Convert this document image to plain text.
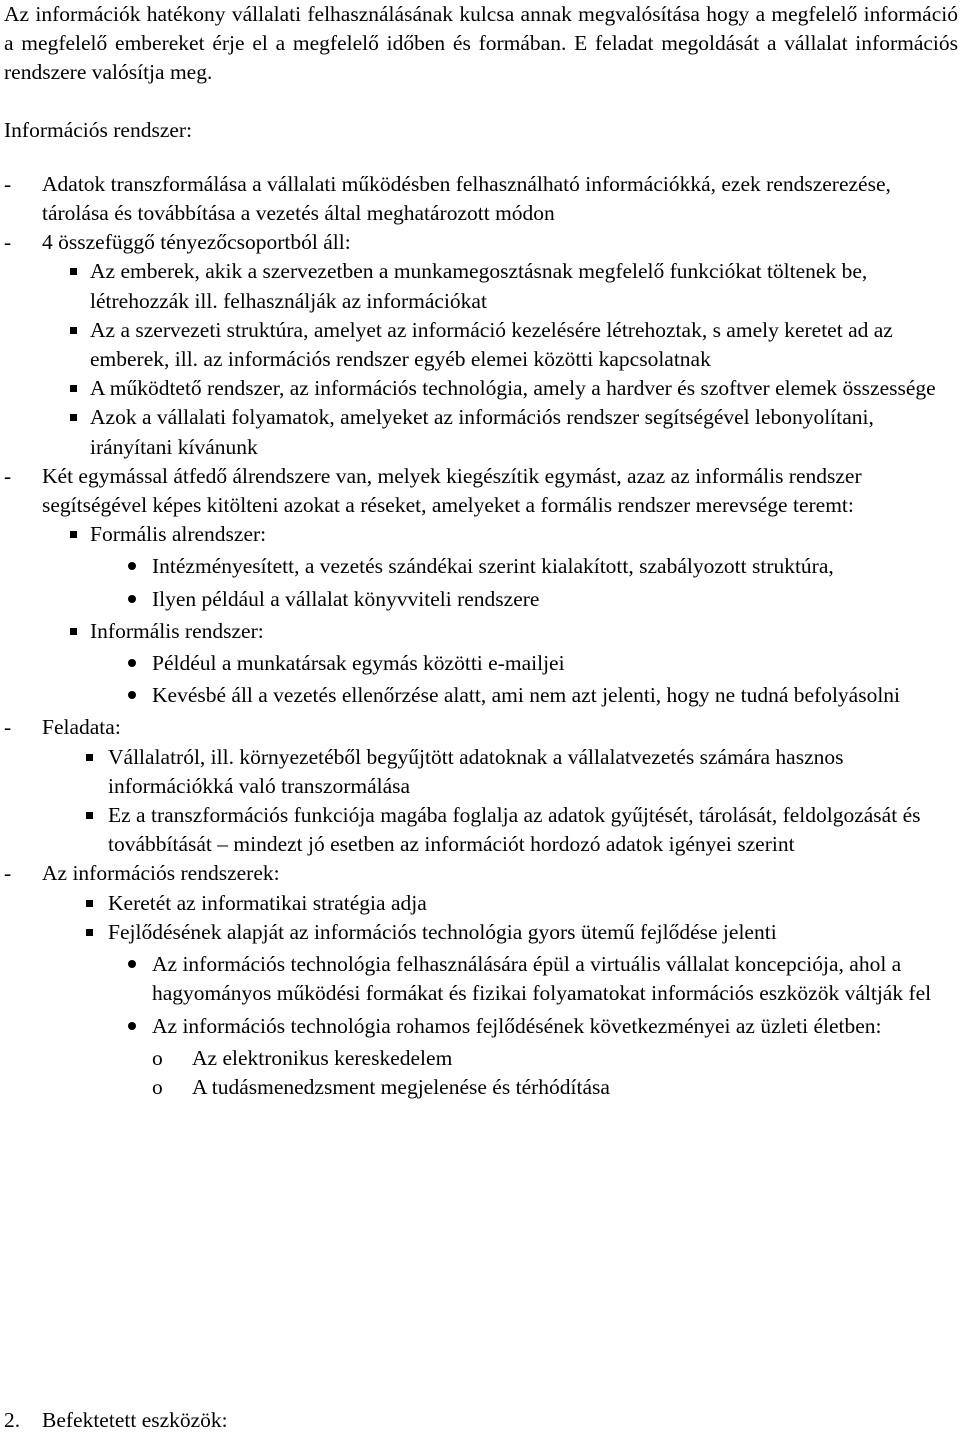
Az információk hatékony vállalati felhasználásának kulcsa annak megvalósítása hogy a megfelelő információ a megfelelő embereket érje el a megfelelő időben és formában. E feladat megoldását a vállalat információs rendszere valósítja meg.

Információs rendszer:
- Adatok transzformálása a vállalati működésben felhasználható információkká, ezek rendszerezése, tárolása és továbbítása a vezetés által meghatározott módon
- 4 összefüggő tényezőcsoportból áll:
Az emberek, akik a szervezetben a munkamegosztásnak megfelelő funkciókat töltenek be, létrehozzák ill. felhasználják az információkat
Az a szervezeti struktúra, amelyet az információ kezelésére létrehoztak, s amely keretet ad az emberek, ill. az információs rendszer egyéb elemei közötti kapcsolatnak
A működtető rendszer, az információs technológia, amely a hardver és szoftver elemek összessége
Azok a vállalati folyamatok, amelyeket az információs rendszer segítségével lebonyolítani, irányítani kívánunk
- Két egymással átfedő álrendszere van, melyek kiegészítik egymást, azaz az informális rendszer segítségével képes kitölteni azokat a réseket, amelyeket a formális rendszer merevsége teremt:
Formális alrendszer:
Intézményesített, a vezetés szándékai szerint kialakított, szabályozott struktúra,
Ilyen például a vállalat könyvviteli rendszere
Informális rendszer:
Példéul a munkatársak egymás közötti e-mailjei
Kevésbé áll a vezetés ellenőrzése alatt, ami nem azt jelenti, hogy ne tudná befolyásolni
- Feladata:
Vállalatról, ill. környezetéből begyűjtött adatoknak a vállalatvezetés számára hasznos információkká való transzormálása
Ez a transzformációs funkciója magába foglalja az adatok gyűjtését, tárolását, feldolgozását és továbbítását – mindezt jó esetben az információt hordozó adatok igényei szerint
- Az információs rendszerek:
Keretét az informatikai stratégia adja
Fejlődésének alapját az információs technológia gyors ütemű fejlődése jelenti
Az információs technológia felhasználására épül a virtuális vállalat koncepciója, ahol a hagyományos működési formákat és fizikai folyamatokat információs eszközök váltják fel
Az információs technológia rohamos fejlődésének következményei az üzleti életben:
o Az elektronikus kereskedelem
o A tudásmenedzsment megjelenése és térhódítása
2. Befektetett eszközök:
